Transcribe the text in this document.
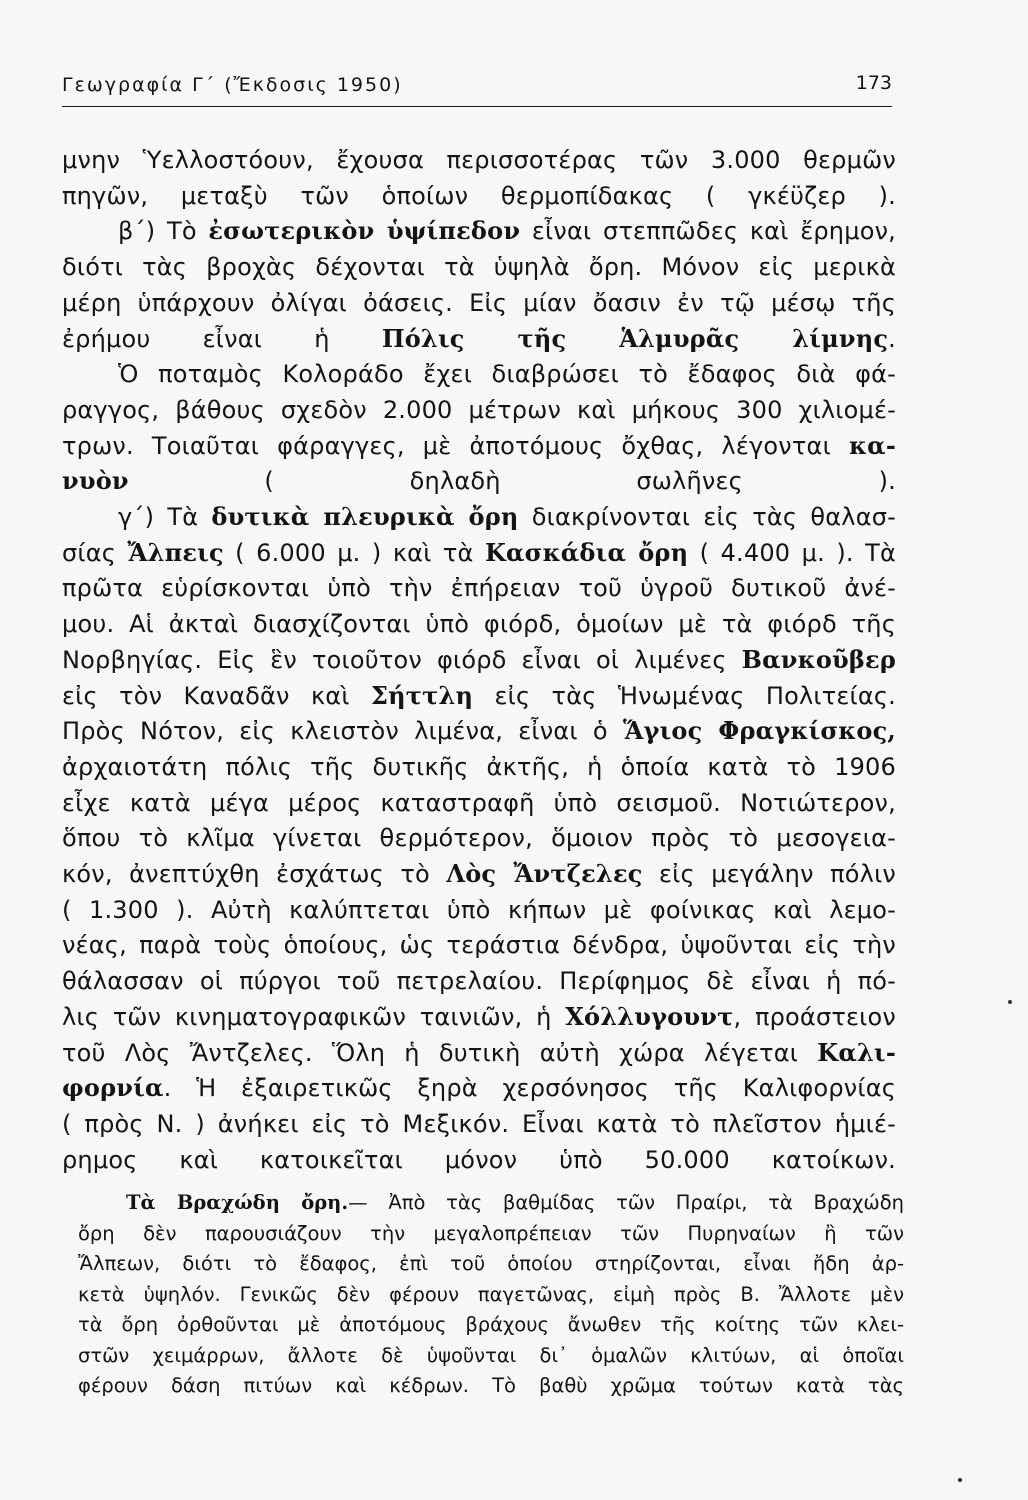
Γεωγραφία Γ΄ (Ἔκδοσις 1950)	173
μνην Ὑελλοστόουν, ἔχουσα περισσοτέρας τῶν 3.000 θερμῶν
πηγῶν, μεταξὺ τῶν ὁποίων θερμοπίδακας ( γκέϋζερ ).
β΄) Τὸ ἐσωτερικὸν ὑψίπεδον εἶναι στεππῶδες καὶ ἔρημον,
διότι τὰς βροχὰς δέχονται τὰ ὑψηλὰ ὄρη. Μόνον εἰς μερικὰ
μέρη ὑπάρχουν ὀλίγαι ὀάσεις. Εἰς μίαν ὄασιν ἐν τῷ μέσῳ τῆς
ἐρήμου εἶναι ἡ Πόλις τῆς Ἁλμυρᾶς λίμνης.
Ὁ ποταμὸς Κολοράδο ἔχει διαβρώσει τὸ ἔδαφος διὰ φά-
ραγγος, βάθους σχεδὸν 2.000 μέτρων καὶ μήκους 300 χιλιομέ-
τρων. Τοιαῦται φάραγγες, μὲ ἀποτόμους ὄχθας, λέγονται κα-
νυὸν ( δηλαδὴ σωλῆνες ).
γ΄) Τὰ δυτικὰ πλευρικὰ ὄρη διακρίνονται εἰς τὰς θαλασ-
σίας Ἄλπεις ( 6.000 μ. ) καὶ τὰ Κασκάδια ὄρη ( 4.400 μ. ). Τὰ
πρῶτα εὑρίσκονται ὑπὸ τὴν ἐπήρειαν τοῦ ὑγροῦ δυτικοῦ ἀνέ-
μου. Αἱ ἀκταὶ διασχίζονται ὑπὸ φιόρδ, ὁμοίων μὲ τὰ φιόρδ τῆς
Νορβηγίας. Εἰς ἓν τοιοῦτον φιόρδ εἶναι οἱ λιμένες Βανκοῦβερ
εἰς τὸν Καναδᾶν καὶ Σήττλη εἰς τὰς Ἡνωμένας Πολιτείας.
Πρὸς Νότον, εἰς κλειστὸν λιμένα, εἶναι ὁ Ἅγιος Φραγκίσκος,
ἀρχαιοτάτη πόλις τῆς δυτικῆς ἀκτῆς, ἡ ὁποία κατὰ τὸ 1906
εἶχε κατὰ μέγα μέρος καταστραφῆ ὑπὸ σεισμοῦ. Νοτιώτερον,
ὅπου τὸ κλῖμα γίνεται θερμότερον, ὅμοιον πρὸς τὸ μεσογεια-
κόν, ἀνεπτύχθη ἐσχάτως τὸ Λὸς Ἄντζελες εἰς μεγάλην πόλιν
( 1.300 ). Αὐτὴ καλύπτεται ὑπὸ κήπων μὲ φοίνικας καὶ λεμο-
νέας, παρὰ τοὺς ὁποίους, ὡς τεράστια δένδρα, ὑψοῦνται εἰς τὴν
θάλασσαν οἱ πύργοι τοῦ πετρελαίου. Περίφημος δὲ εἶναι ἡ πό-
λις τῶν κινηματογραφικῶν ταινιῶν, ἡ Χόλλυγουντ, προάστειον
τοῦ Λὸς Ἄντζελες. Ὅλη ἡ δυτικὴ αὐτὴ χώρα λέγεται Καλι-
φορνία. Ἡ ἐξαιρετικῶς ξηρὰ χερσόνησος τῆς Καλιφορνίας
( πρὸς Ν. ) ἀνήκει εἰς τὸ Μεξικόν. Εἶναι κατὰ τὸ πλεῖστον ἡμιέ-
ρημος καὶ κατοικεῖται μόνον ὑπὸ 50.000 κατοίκων.
Τὰ Βραχώδη ὄρη.— Ἀπὸ τὰς βαθμίδας τῶν Πραίρι, τὰ Βραχώδη
ὄρη δὲν παρουσιάζουν τὴν μεγαλοπρέπειαν τῶν Πυρηναίων ἢ τῶν
Ἄλπεων, διότι τὸ ἔδαφος, ἐπὶ τοῦ ὁποίου στηρίζονται, εἶναι ἤδη ἀρ-
κετὰ ὑψηλόν. Γενικῶς δὲν φέρουν παγετῶνας, εἰμὴ πρὸς Β. Ἄλλοτε μὲν
τὰ ὄρη ὀρθοῦνται μὲ ἀποτόμους βράχους ἄνωθεν τῆς κοίτης τῶν κλει-
στῶν χειμάρρων, ἄλλοτε δὲ ὑψοῦνται δι᾽ ὁμαλῶν κλιτύων, αἱ ὁποῖαι
φέρουν δάση πιτύων καὶ κέδρων. Τὸ βαθὺ χρῶμα τούτων κατὰ τὰς
